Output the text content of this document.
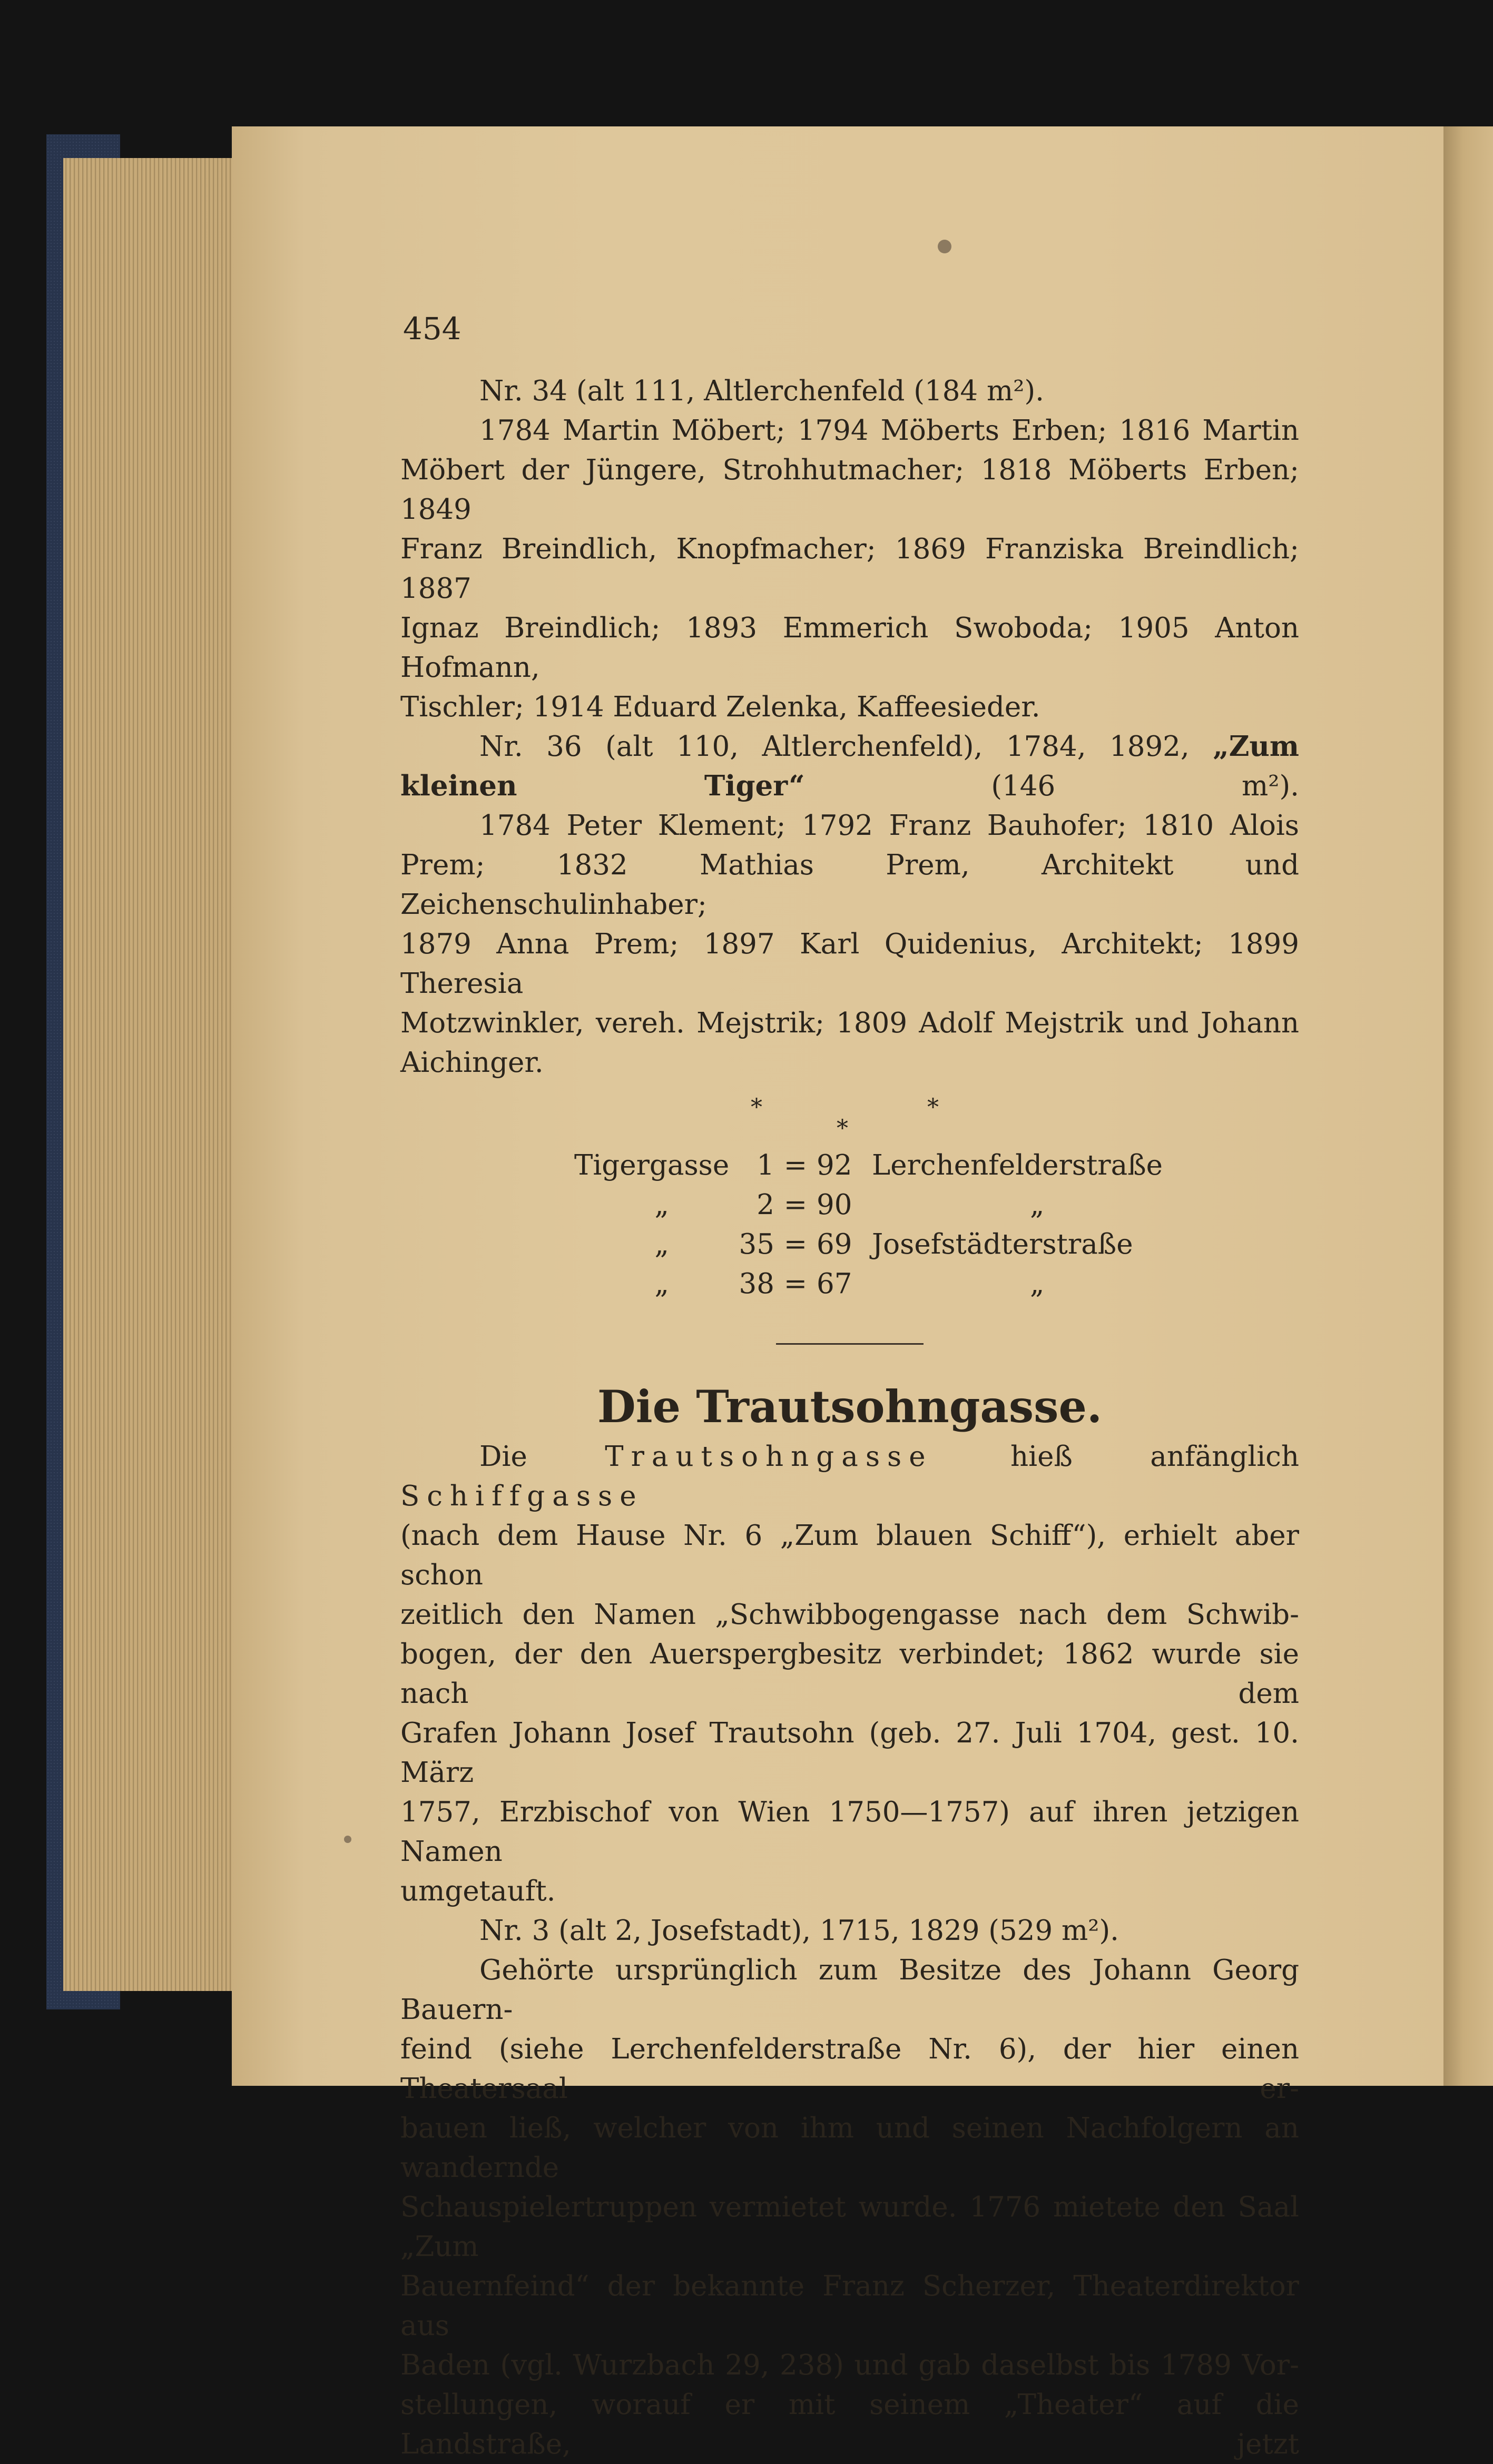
454
Nr. 34 (alt 111, Altlerchenfeld (184 m²).
1784 Martin Möbert; 1794 Möberts Erben; 1816 Martin
Möbert der Jüngere, Strohhutmacher; 1818 Möberts Erben; 1849
Franz Breindlich, Knopfmacher; 1869 Franziska Breindlich; 1887
Ignaz Breindlich; 1893 Emmerich Swoboda; 1905 Anton Hofmann,
Tischler; 1914 Eduard Zelenka, Kaffeesieder.
Nr. 36 (alt 110, Altlerchenfeld), 1784, 1892, „Zum kleinen Tiger“	(146 m²).
1784 Peter Klement; 1792 Franz Bauhofer; 1810 Alois
Prem; 1832 Mathias Prem, Architekt und Zeichenschulinhaber;
1879 Anna Prem; 1897 Karl Quidenius, Architekt; 1899 Theresia
Motzwinkler, vereh. Mejstrik; 1809 Adolf Mejstrik und Johann Aichinger.
*
*
*
Tigergasse 1 = 92 Lerchenfelderstraße
„	2 = 90	„
„	35 = 69 Josefstädterstraße
„	38 = 67	„
Die Trautsohngasse.
Die	Trautsohngasse	hieß anfänglich Schiffgasse
(nach dem Hause Nr. 6 „Zum blauen Schiff“), erhielt aber schon
zeitlich den Namen „Schwibbogengasse nach dem Schwib-
bogen, der den Auerspergbesitz verbindet; 1862 wurde sie nach dem
Grafen Johann Josef Trautsohn (geb. 27. Juli 1704, gest. 10. März
1757, Erzbischof von Wien 1750—1757) auf ihren jetzigen Namen
umgetauft.
Nr. 3 (alt 2, Josefstadt), 1715, 1829 (529 m²).
Gehörte ursprünglich zum Besitze des Johann Georg Bauern-
feind (siehe Lerchenfelderstraße Nr. 6), der hier einen Theatersaal er-
bauen ließ, welcher von ihm und seinen Nachfolgern an wandernde
Schauspielertruppen vermietet wurde. 1776 mietete den Saal „Zum
Bauernfeind“ der bekannte Franz Scherzer, Theaterdirektor aus
Baden (vgl. Wurzbach 29, 238) und gab daselbst bis 1789 Vor-
stellungen, worauf er mit seinem „Theater“ auf die Landstraße, jetzt
